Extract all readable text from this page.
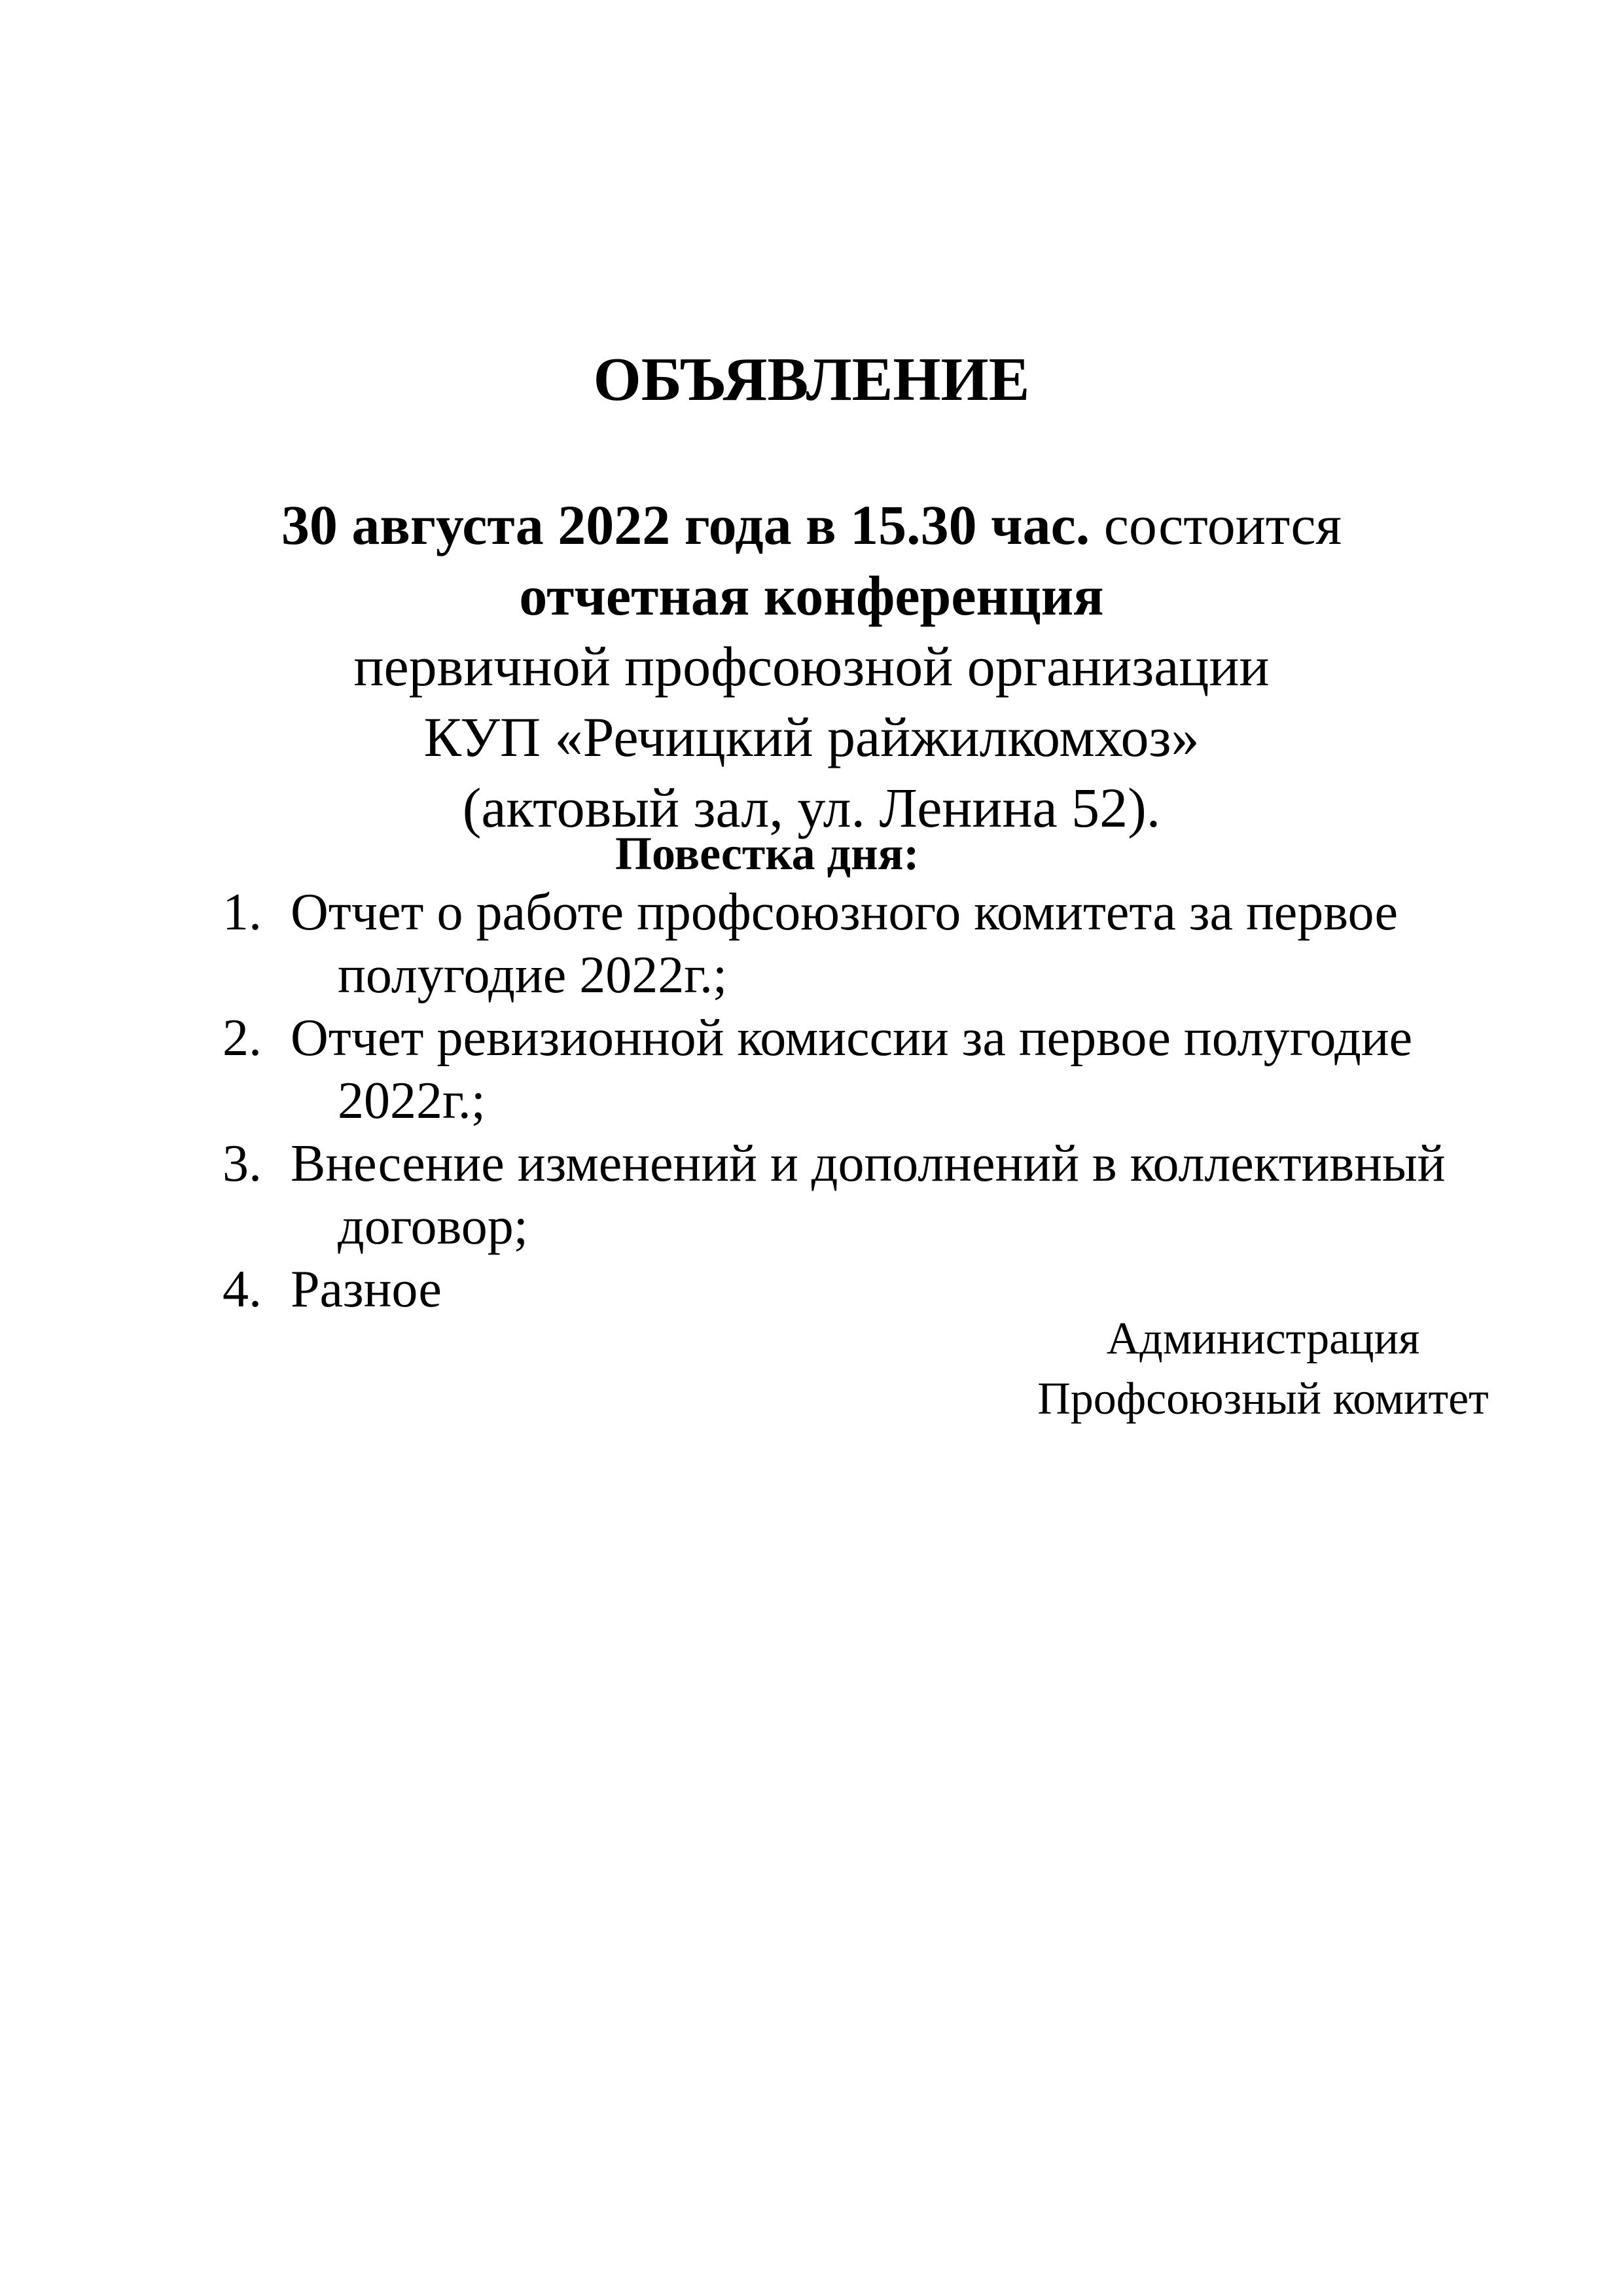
ОБЪЯВЛЕНИЕ
30 августа 2022 года в 15.30 час. состоится
отчетная конференция
первичной профсоюзной организации
КУП «Речицкий райжилкомхоз»
(актовый зал, ул. Ленина 52).
Повестка дня:
1. Отчет о работе профсоюзного комитета за первое
полугодие 2022г.;
2. Отчет ревизионной комиссии за первое полугодие
2022г.;
3. Внесение изменений и дополнений в коллективный
договор;
4. Разное
Администрация
Профсоюзный комитет
